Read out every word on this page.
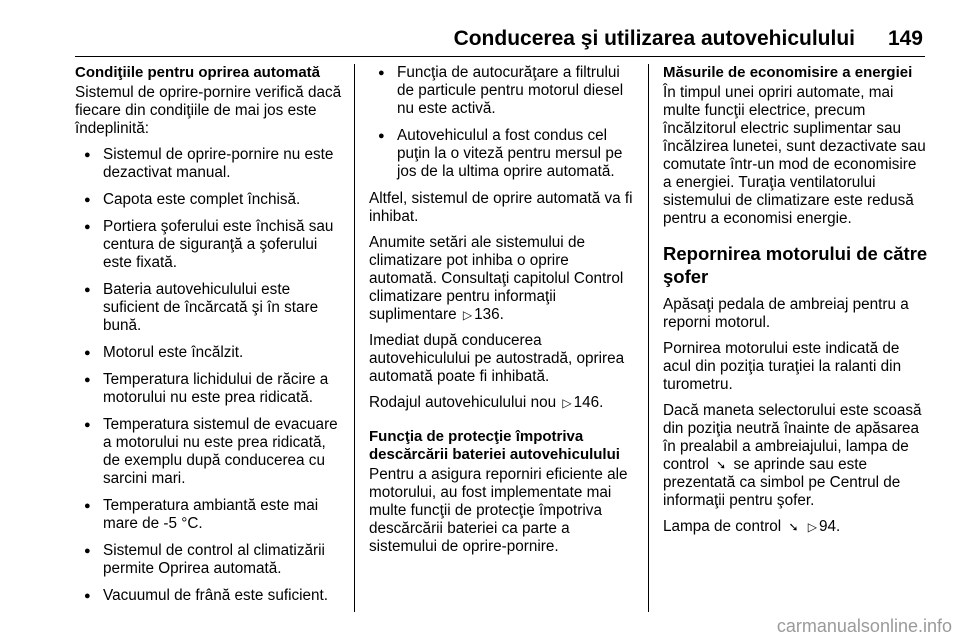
Conducerea şi utilizarea autovehiculului 149
Condiţiile pentru oprirea automată

Sistemul de oprire-pornire verifică dacă fiecare din condiţiile de mai jos este îndeplinită:

● Sistemul de oprire-pornire nu este dezactivat manual.
● Capota este complet închisă.
● Portiera şoferului este închisă sau centura de siguranţă a şoferului este fixată.
● Bateria autovehiculului este suficient de încărcată şi în stare bună.
● Motorul este încălzit.
● Temperatura lichidului de răcire a motorului nu este prea ridicată.
● Temperatura sistemul de evacuare a motorului nu este prea ridicată, de exemplu după conducerea cu sarcini mari.
● Temperatura ambiantă este mai mare de -5 °C.
● Sistemul de control al climatizării permite Oprirea automată.
● Vacuumul de frână este suficient.
● Funcţia de autocurăţare a filtrului de particule pentru motorul diesel nu este activă.
● Autovehiculul a fost condus cel puţin la o viteză pentru mersul pe jos de la ultima oprire automată.

Altfel, sistemul de oprire automată va fi inhibat.

Anumite setări ale sistemului de climatizare pot inhiba o oprire automată. Consultaţi capitolul Control climatizare pentru informaţii suplimentare ▷ 136.

Imediat după conducerea autovehiculului pe autostradă, oprirea automată poate fi inhibată.

Rodajul autovehiculului nou ▷ 146.

Funcţia de protecţie împotriva descărcării bateriei autovehiculului

Pentru a asigura reporniri eficiente ale motorului, au fost implementate mai multe funcţii de protecţie împotriva descărcării bateriei ca parte a sistemului de oprire-pornire.

Măsurile de economisire a energiei

În timpul unei opriri automate, mai multe funcţii electrice, precum încălzitorul electric suplimentar sau încălzirea lunetei, sunt dezactivate sau comutate într-un mod de economisire a energiei. Turaţia ventilatorului sistemului de climatizare este redusă pentru a economisi energie.

Repornirea motorului de către şofer

Apăsaţi pedala de ambreiaj pentru a reporni motorul.

Pornirea motorului este indicată de acul din poziţia turaţiei la ralanti din turometru.

Dacă maneta selectorului este scoasă din poziţia neutră înainte de apăsarea în prealabil a ambreiajului, lampa de control ➘ se aprinde sau este prezentată ca simbol pe Centrul de informaţii pentru şofer.

Lampa de control ➘ ▷ 94.

carmanualsonline.info
